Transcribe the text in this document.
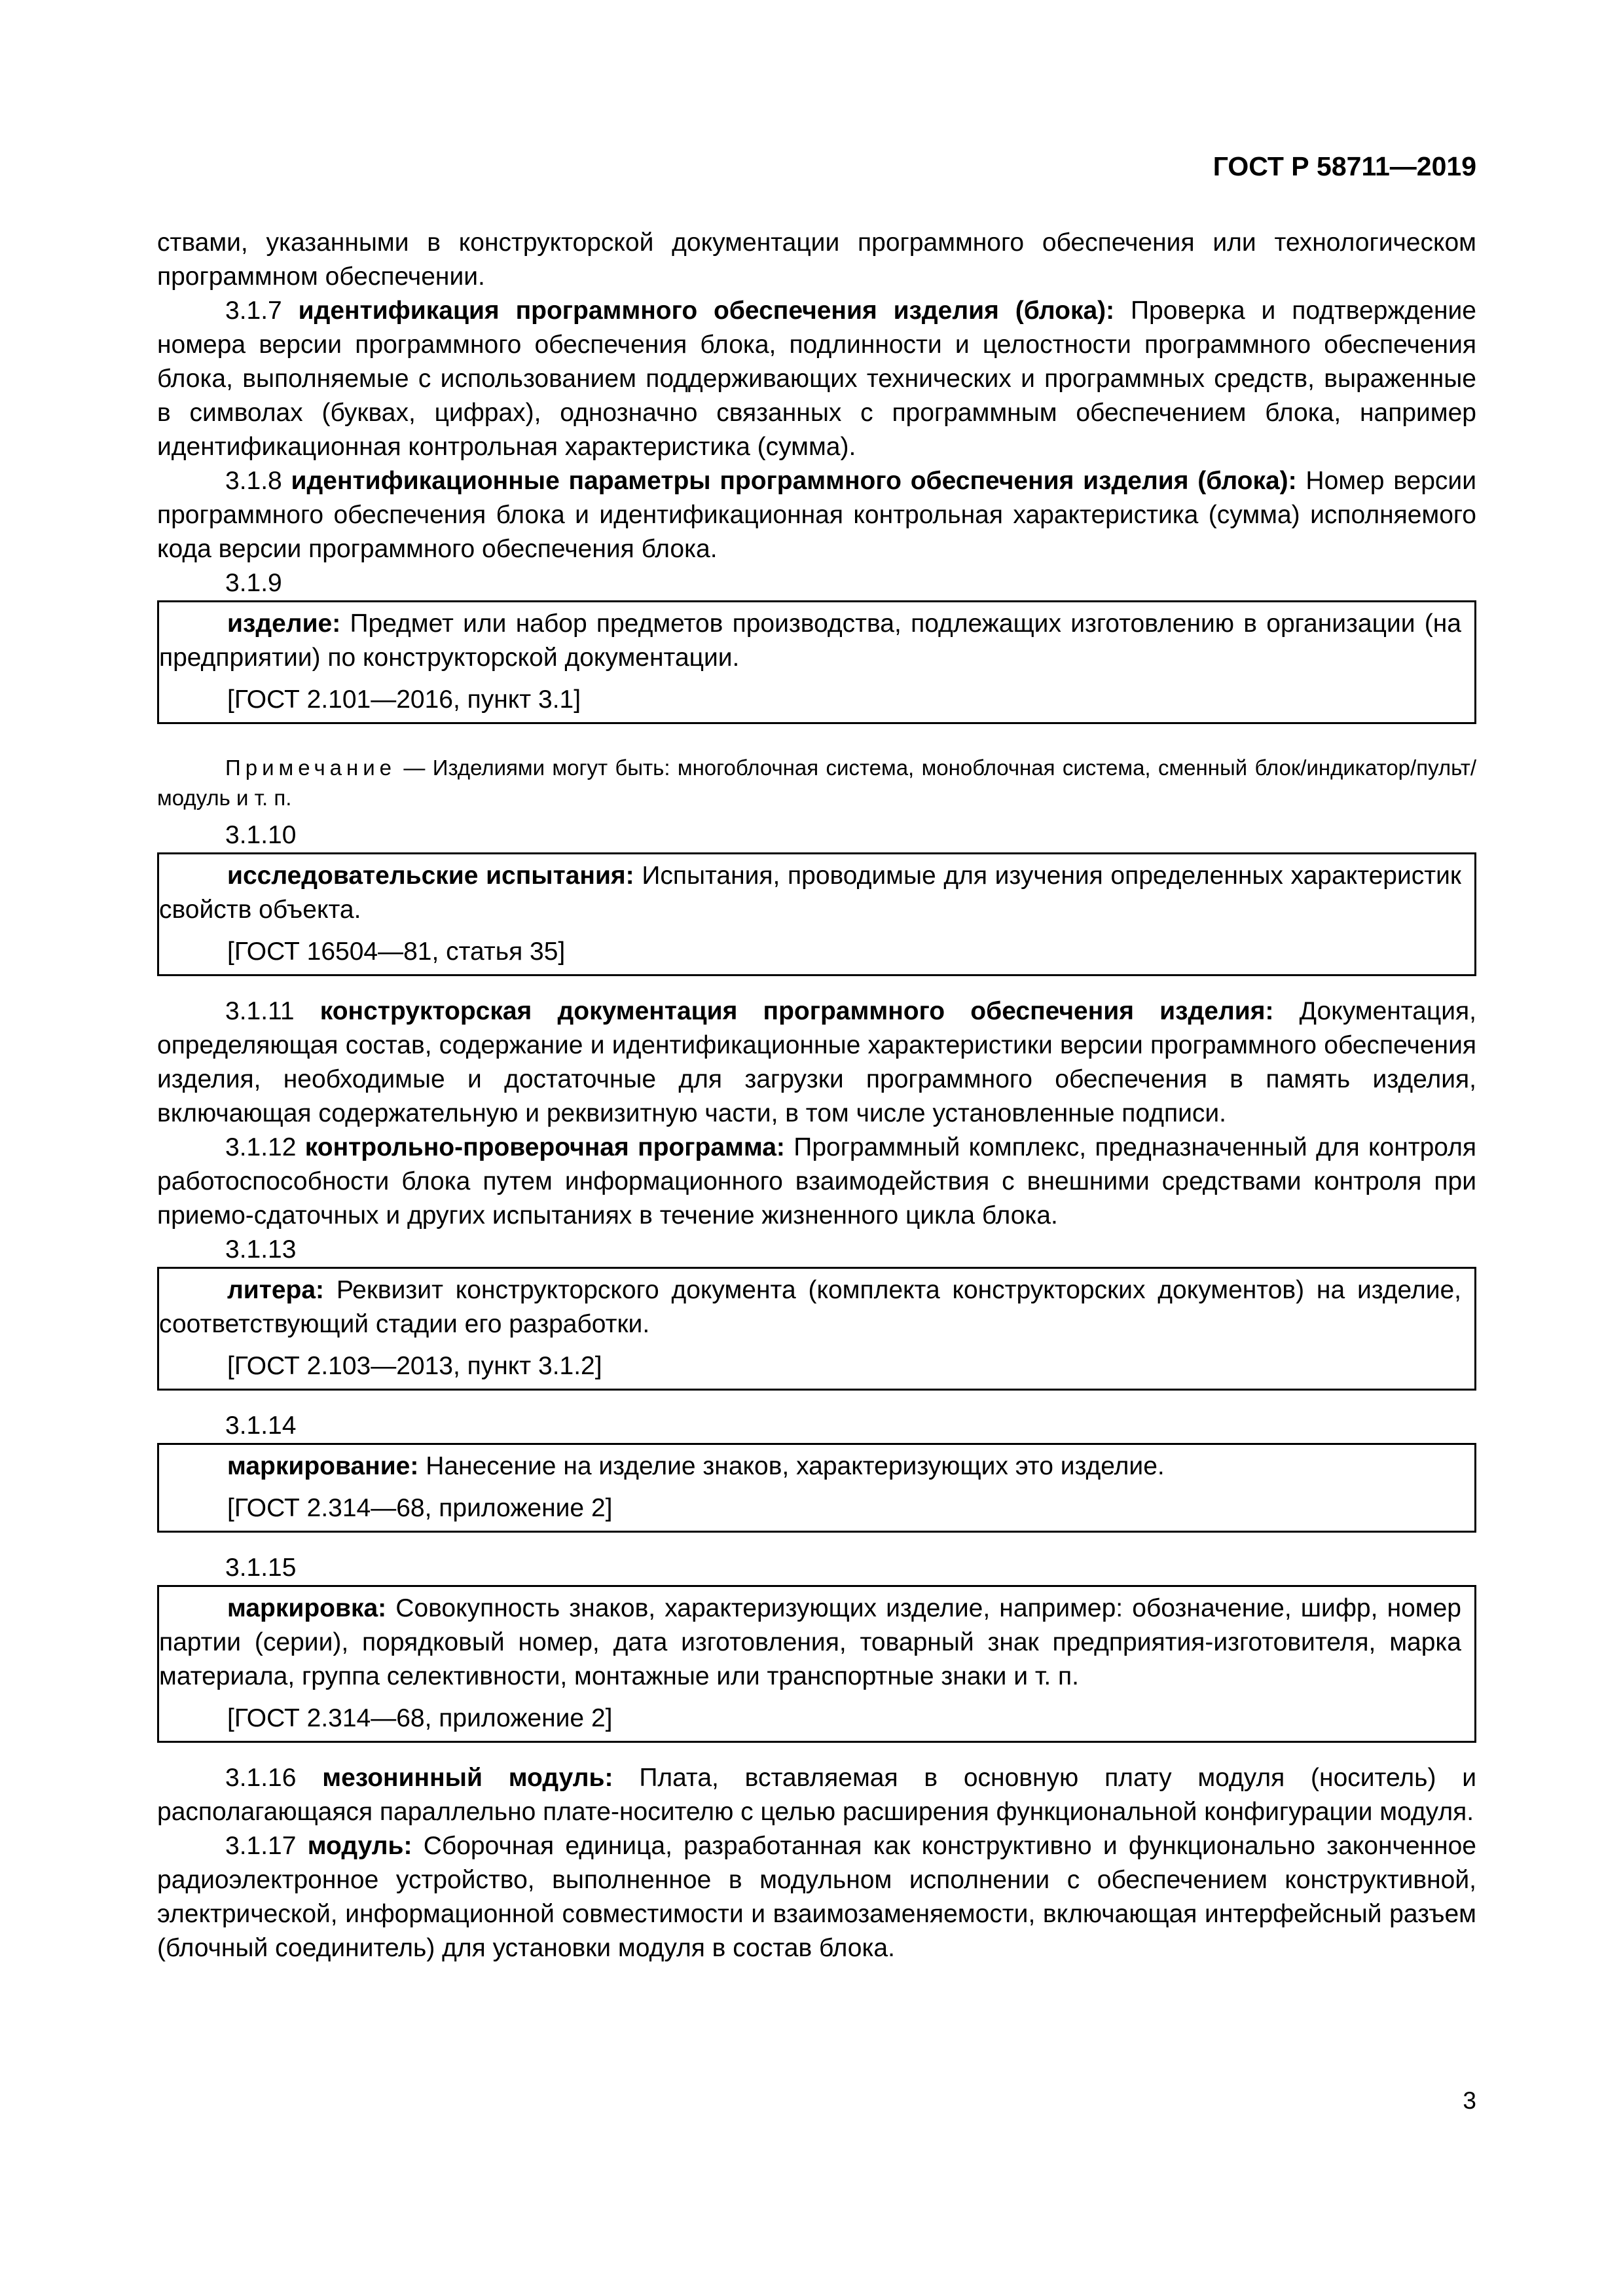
ГОСТ Р 58711—2019

ствами, указанными в конструкторской документации программного обеспечения или технологическом программном обеспечении.

3.1.7 идентификация программного обеспечения изделия (блока): Проверка и подтверждение номера версии программного обеспечения блока, подлинности и целостности программного обеспечения блока, выполняемые с использованием поддерживающих технических и программных средств, выраженные в символах (буквах, цифрах), однозначно связанных с программным обеспечением блока, например идентификационная контрольная характеристика (сумма).

3.1.8 идентификационные параметры программного обеспечения изделия (блока): Номер версии программного обеспечения блока и идентификационная контрольная характеристика (сумма) исполняемого кода версии программного обеспечения блока.

3.1.9

изделие: Предмет или набор предметов производства, подлежащих изготовлению в организации (на предприятии) по конструкторской документации.

[ГОСТ 2.101—2016, пункт 3.1]

Примечание — Изделиями могут быть: многоблочная система, моноблочная система, сменный блок/индикатор/пульт/модуль и т. п.

3.1.10

исследовательские испытания: Испытания, проводимые для изучения определенных характеристик свойств объекта.

[ГОСТ 16504—81, статья 35]

3.1.11 конструкторская документация программного обеспечения изделия: Документация, определяющая состав, содержание и идентификационные характеристики версии программного обеспечения изделия, необходимые и достаточные для загрузки программного обеспечения в память изделия, включающая содержательную и реквизитную части, в том числе установленные подписи.

3.1.12 контрольно-проверочная программа: Программный комплекс, предназначенный для контроля работоспособности блока путем информационного взаимодействия с внешними средствами контроля при приемо-сдаточных и других испытаниях в течение жизненного цикла блока.

3.1.13

литера: Реквизит конструкторского документа (комплекта конструкторских документов) на изделие, соответствующий стадии его разработки.

[ГОСТ 2.103—2013, пункт 3.1.2]

3.1.14

маркирование: Нанесение на изделие знаков, характеризующих это изделие.

[ГОСТ 2.314—68, приложение 2]

3.1.15

маркировка: Совокупность знаков, характеризующих изделие, например: обозначение, шифр, номер партии (серии), порядковый номер, дата изготовления, товарный знак предприятия-изготовителя, марка материала, группа селективности, монтажные или транспортные знаки и т. п.

[ГОСТ 2.314—68, приложение 2]

3.1.16 мезонинный модуль: Плата, вставляемая в основную плату модуля (носитель) и располагающаяся параллельно плате-носителю с целью расширения функциональной конфигурации модуля.

3.1.17 модуль: Сборочная единица, разработанная как конструктивно и функционально законченное радиоэлектронное устройство, выполненное в модульном исполнении с обеспечением конструктивной, электрической, информационной совместимости и взаимозаменяемости, включающая интерфейсный разъем (блочный соединитель) для установки модуля в состав блока.

3
